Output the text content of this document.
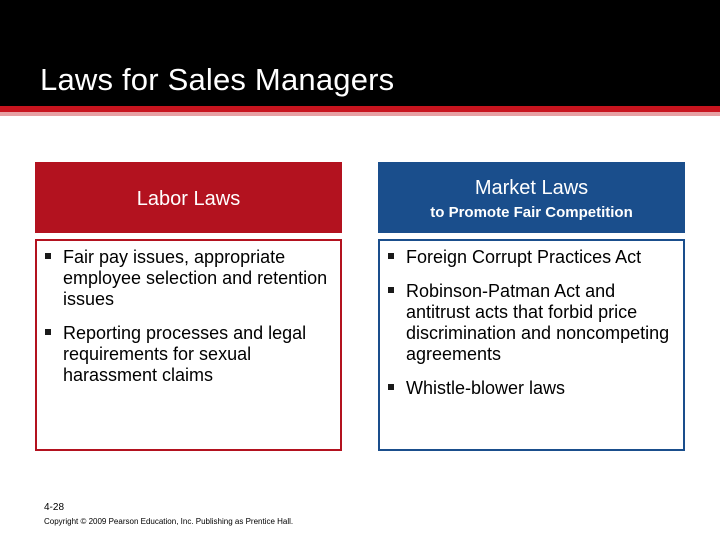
Laws for Sales Managers
Labor Laws
Fair pay issues, appropriate employee selection and retention issues
Reporting processes and legal requirements for sexual harassment claims
Market Laws
to Promote Fair Competition
Foreign Corrupt Practices Act
Robinson-Patman Act and antitrust acts that forbid price discrimination and noncompeting agreements
Whistle-blower laws
4-28
Copyright © 2009 Pearson Education, Inc. Publishing as Prentice Hall.
